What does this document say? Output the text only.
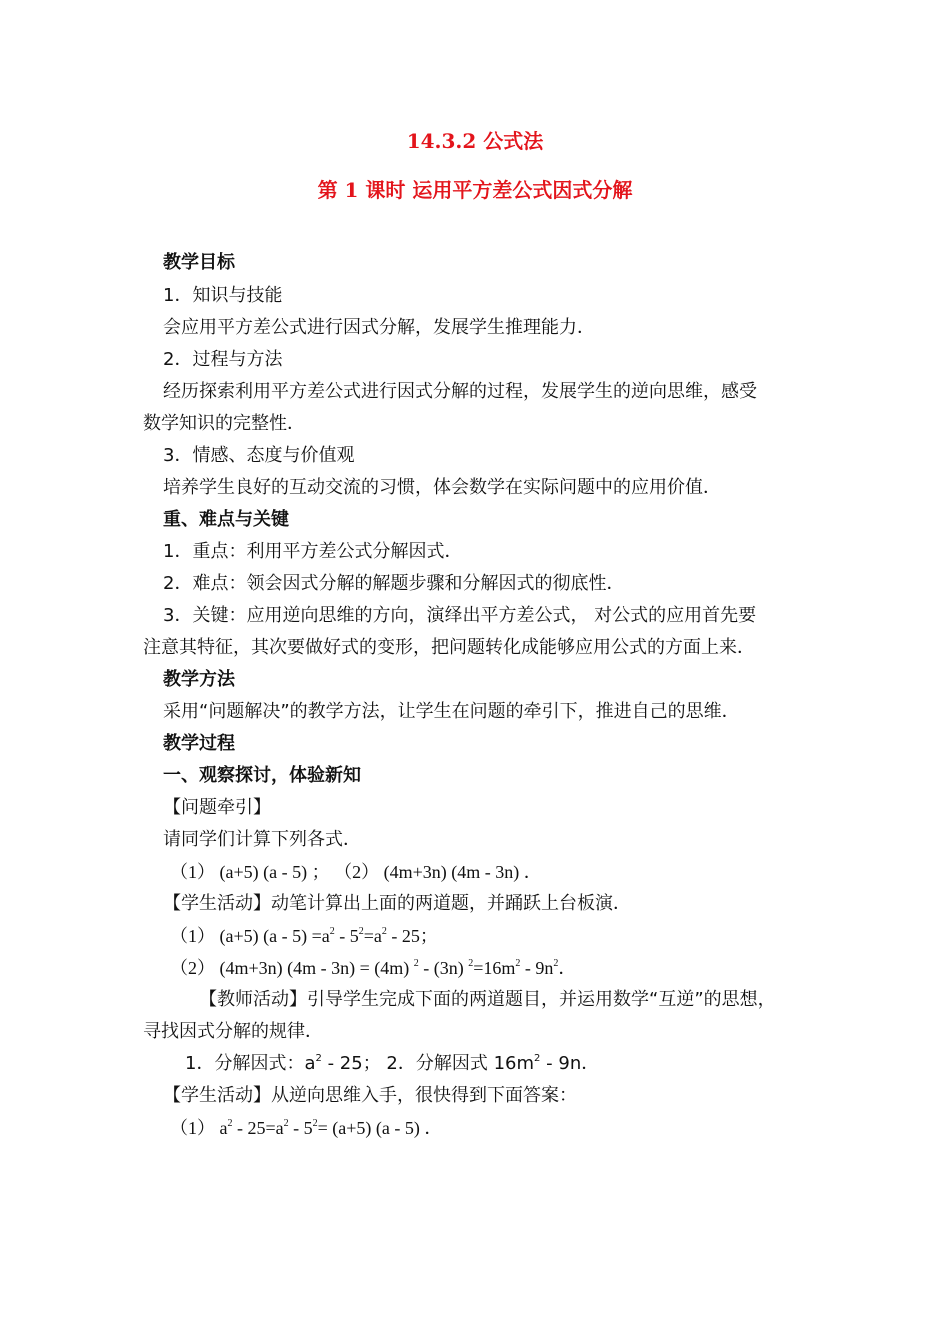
14.3.2 公式法
第 1 课时 运用平方差公式因式分解
教学目标
1．知识与技能
会应用平方差公式进行因式分解，发展学生推理能力．
2．过程与方法
经历探索利用平方差公式进行因式分解的过程，发展学生的逆向思维，感受
数学知识的完整性．
3．情感、态度与价值观
培养学生良好的互动交流的习惯，体会数学在实际问题中的应用价值．
重、难点与关键
1．重点：利用平方差公式分解因式．
2．难点：领会因式分解的解题步骤和分解因式的彻底性．
3．关键：应用逆向思维的方向，演绎出平方差公式， 对公式的应用首先要
注意其特征，其次要做好式的变形，把问题转化成能够应用公式的方面上来．
教学方法
采用“问题解决”的教学方法，让学生在问题的牵引下，推进自己的思维．
教学过程
一、观察探讨，体验新知
【问题牵引】
请同学们计算下列各式．
（1） (a+5) (a - 5) ； （2） (4m+3n) (4m - 3n) ．
【学生活动】动笔计算出上面的两道题，并踊跃上台板演．
（1） (a+5) $(a - 5) =a^2 - 5^2=a^2 - 25$；
（2） (4m+3n) (4m - 3n) = (4m) $^2$ - (3n) $^2=16m^2 - 9n^2$．
【教师活动】引导学生完成下面的两道题目，并运用数学“互逆”的思想，
寻找因式分解的规律．
1．分解因式：$a^2 - 25$； 2．分解因式 $16m^2 - 9n$．
【学生活动】从逆向思维入手，很快得到下面答案：
（1） $a^2 - 25=a^2 - 5^2= (a+5)$ (a - 5) ．
